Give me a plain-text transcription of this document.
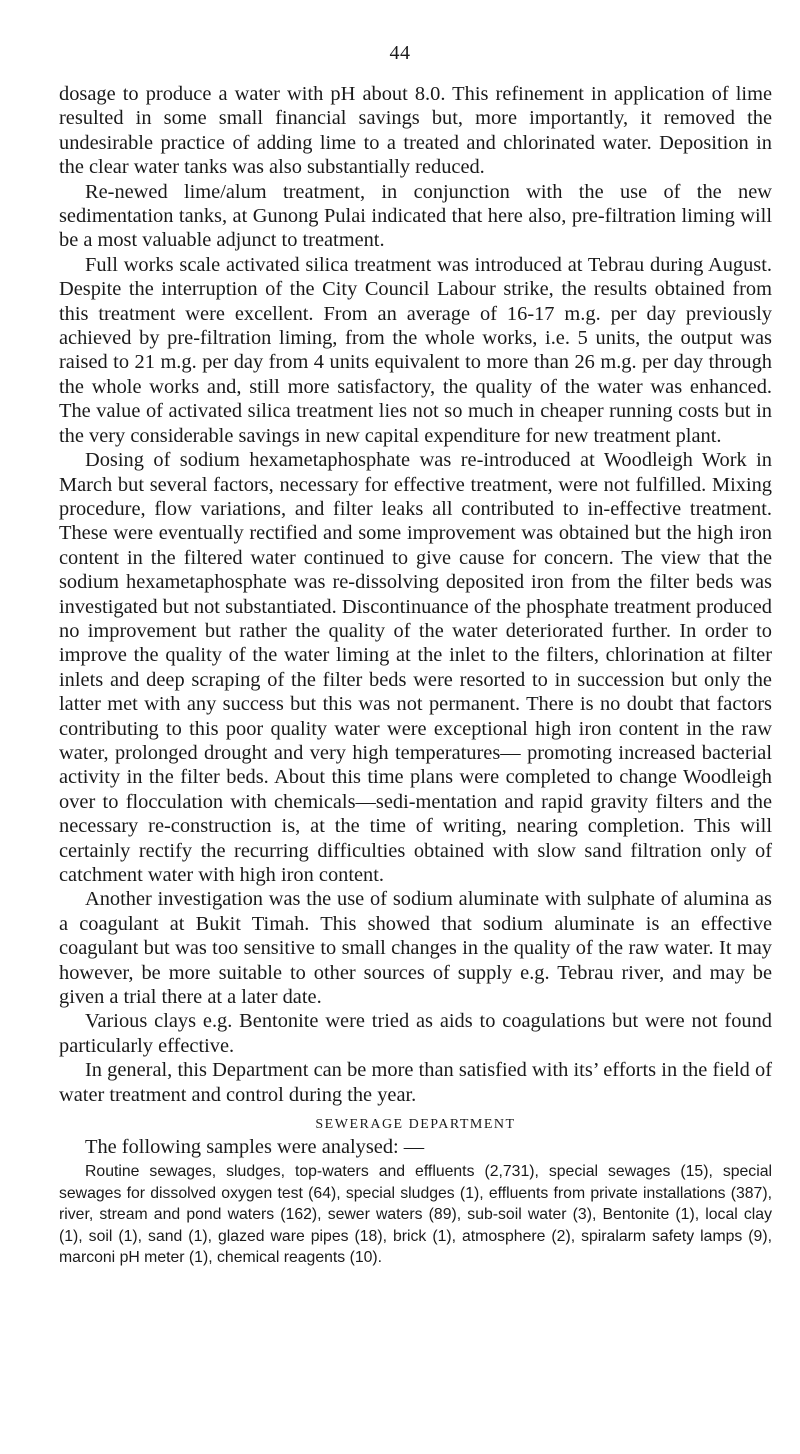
44

dosage to produce a water with pH about 8.0. This refinement in application of lime resulted in some small financial savings but, more importantly, it removed the undesirable practice of adding lime to a treated and chlorinated water. Deposition in the clear water tanks was also substantially reduced.

Re-newed lime/alum treatment, in conjunction with the use of the new sedimentation tanks, at Gunong Pulai indicated that here also, pre-filtration liming will be a most valuable adjunct to treatment.

Full works scale activated silica treatment was introduced at Tebrau during August. Despite the interruption of the City Council Labour strike, the results obtained from this treatment were excellent. From an average of 16-17 m.g. per day previously achieved by pre-filtration liming, from the whole works, i.e. 5 units, the output was raised to 21 m.g. per day from 4 units equivalent to more than 26 m.g. per day through the whole works and, still more satisfactory, the quality of the water was enhanced. The value of activated silica treatment lies not so much in cheaper running costs but in the very considerable savings in new capital expenditure for new treatment plant.

Dosing of sodium hexametaphosphate was re-introduced at Woodleigh Work in March but several factors, necessary for effective treatment, were not fulfilled. Mixing procedure, flow variations, and filter leaks all contributed to in-effective treatment. These were eventually rectified and some improvement was obtained but the high iron content in the filtered water continued to give cause for concern. The view that the sodium hexametaphosphate was re-dissolving deposited iron from the filter beds was investigated but not substantiated. Discontinuance of the phosphate treatment produced no improvement but rather the quality of the water deteriorated further. In order to improve the quality of the water liming at the inlet to the filters, chlorination at filter inlets and deep scraping of the filter beds were resorted to in succession but only the latter met with any success but this was not permanent. There is no doubt that factors contributing to this poor quality water were exceptional high iron content in the raw water, prolonged drought and very high temperatures— promoting increased bacterial activity in the filter beds. About this time plans were completed to change Woodleigh over to flocculation with chemicals—sedi-mentation and rapid gravity filters and the necessary re-construction is, at the time of writing, nearing completion. This will certainly rectify the recurring difficulties obtained with slow sand filtration only of catchment water with high iron content.

Another investigation was the use of sodium aluminate with sulphate of alumina as a coagulant at Bukit Timah. This showed that sodium aluminate is an effective coagulant but was too sensitive to small changes in the quality of the raw water. It may however, be more suitable to other sources of supply e.g. Tebrau river, and may be given a trial there at a later date.

Various clays e.g. Bentonite were tried as aids to coagulations but were not found particularly effective.

In general, this Department can be more than satisfied with its’ efforts in the field of water treatment and control during the year.

SEWERAGE DEPARTMENT

The following samples were analysed: —

Routine sewages, sludges, top-waters and effluents (2,731), special sewages (15), special sewages for dissolved oxygen test (64), special sludges (1), effluents from private installations (387), river, stream and pond waters (162), sewer waters (89), sub-soil water (3), Bentonite (1), local clay (1), soil (1), sand (1), glazed ware pipes (18), brick (1), atmosphere (2), spiralarm safety lamps (9), marconi pH meter (1), chemical reagents (10).
